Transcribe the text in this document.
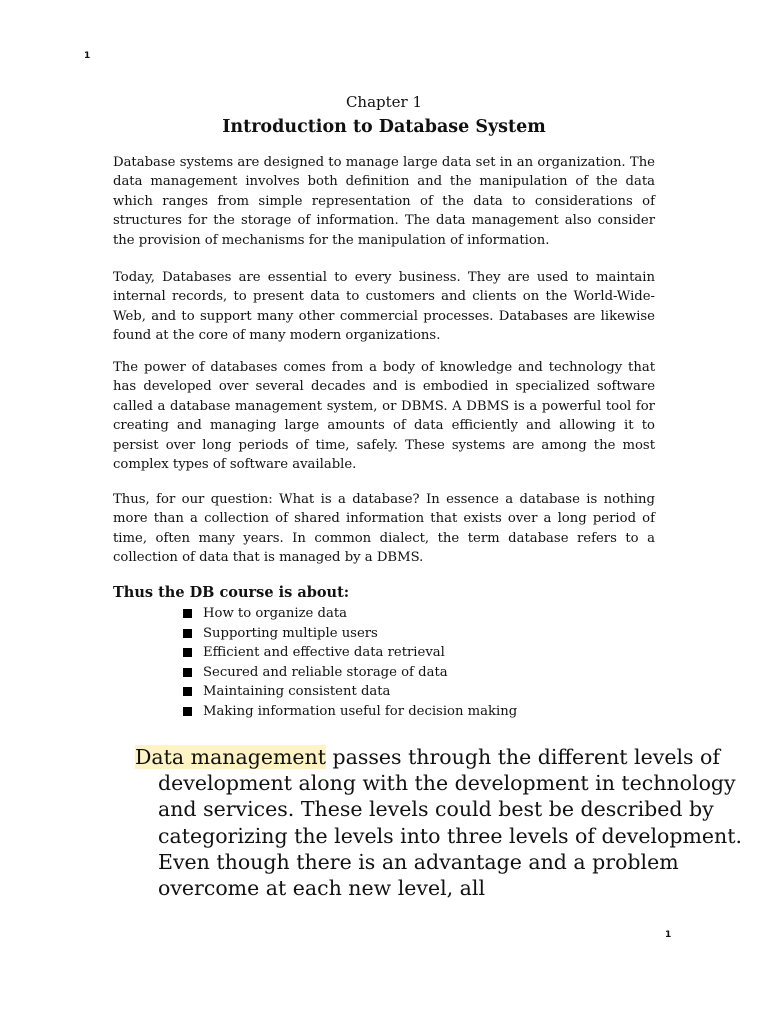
1
Chapter 1
Introduction to Database System

Database systems are designed to manage large data set in an organization. The data management involves both definition and the manipulation of the data which ranges from simple representation of the data to considerations of structures for the storage of information. The data management also consider the provision of mechanisms for the manipulation of information.

Today, Databases are essential to every business. They are used to maintain internal records, to present data to customers and clients on the World-Wide-Web, and to support many other commercial processes. Databases are likewise found at the core of many modern organizations.

The power of databases comes from a body of knowledge and technology that has developed over several decades and is embodied in specialized software called a database management system, or DBMS. A DBMS is a powerful tool for creating and managing large amounts of data efficiently and allowing it to persist over long periods of time, safely. These systems are among the most complex types of software available.

Thus, for our question: What is a database? In essence a database is nothing more than a collection of shared information that exists over a long period of time, often many years. In common dialect, the term database refers to a collection of data that is managed by a DBMS.

Thus the DB course is about:
How to organize data
Supporting multiple users
Efficient and effective data retrieval
Secured and reliable storage of data
Maintaining consistent data
Making information useful for decision making

Data management passes through the different levels of development along with the development in technology and services. These levels could best be described by categorizing the levels into three levels of development. Even though there is an advantage and a problem overcome at each new level, all

1
